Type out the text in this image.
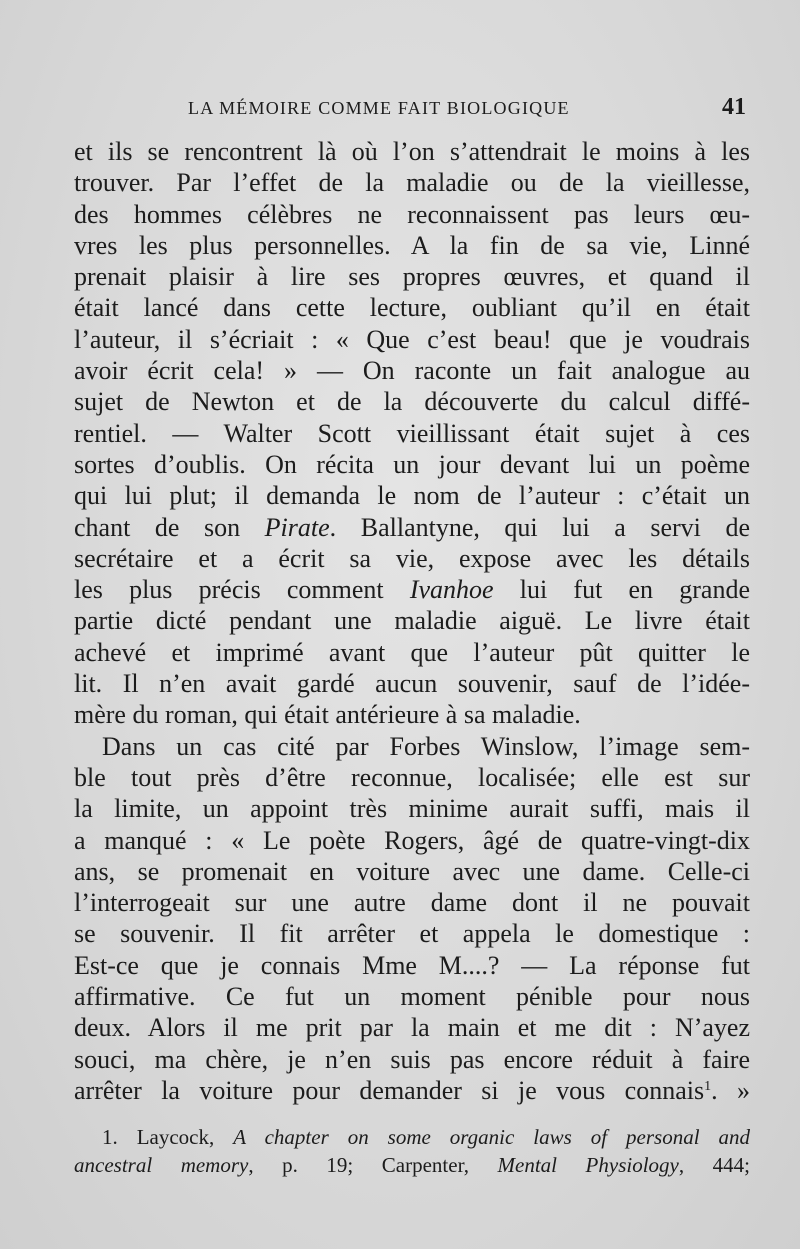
LA MÉMOIRE COMME FAIT BIOLOGIQUE	41
et ils se rencontrent là où l’on s’attendrait le moins à les
trouver. Par l’effet de la maladie ou de la vieillesse,
des hommes célèbres ne reconnaissent pas leurs œu-
vres les plus personnelles. A la fin de sa vie, Linné
prenait plaisir à lire ses propres œuvres, et quand il
était lancé dans cette lecture, oubliant qu’il en était
l’auteur, il s’écriait : « Que c’est beau! que je voudrais
avoir écrit cela! » — On raconte un fait analogue au
sujet de Newton et de la découverte du calcul diffé-
rentiel. — Walter Scott vieillissant était sujet à ces
sortes d’oublis. On récita un jour devant lui un poème
qui lui plut; il demanda le nom de l’auteur : c’était un
chant de son Pirate. Ballantyne, qui lui a servi de
secrétaire et a écrit sa vie, expose avec les détails
les plus précis comment Ivanhoe lui fut en grande
partie dicté pendant une maladie aiguë. Le livre était
achevé et imprimé avant que l’auteur pût quitter le
lit. Il n’en avait gardé aucun souvenir, sauf de l’idée-
mère du roman, qui était antérieure à sa maladie.
Dans un cas cité par Forbes Winslow, l’image sem-
ble tout près d’être reconnue, localisée; elle est sur
la limite, un appoint très minime aurait suffi, mais il
a manqué : « Le poète Rogers, âgé de quatre-vingt-dix
ans, se promenait en voiture avec une dame. Celle-ci
l’interrogeait sur une autre dame dont il ne pouvait
se souvenir. Il fit arrêter et appela le domestique :
Est-ce que je connais Mme M....? — La réponse fut
affirmative. Ce fut un moment pénible pour nous
deux. Alors il me prit par la main et me dit : N’ayez
souci, ma chère, je n’en suis pas encore réduit à faire
arrêter la voiture pour demander si je vous connais$^1$. »
1. Laycock, A chapter on some organic laws of personal and
ancestral memory, p. 19; Carpenter, Mental Physiology, 444;
